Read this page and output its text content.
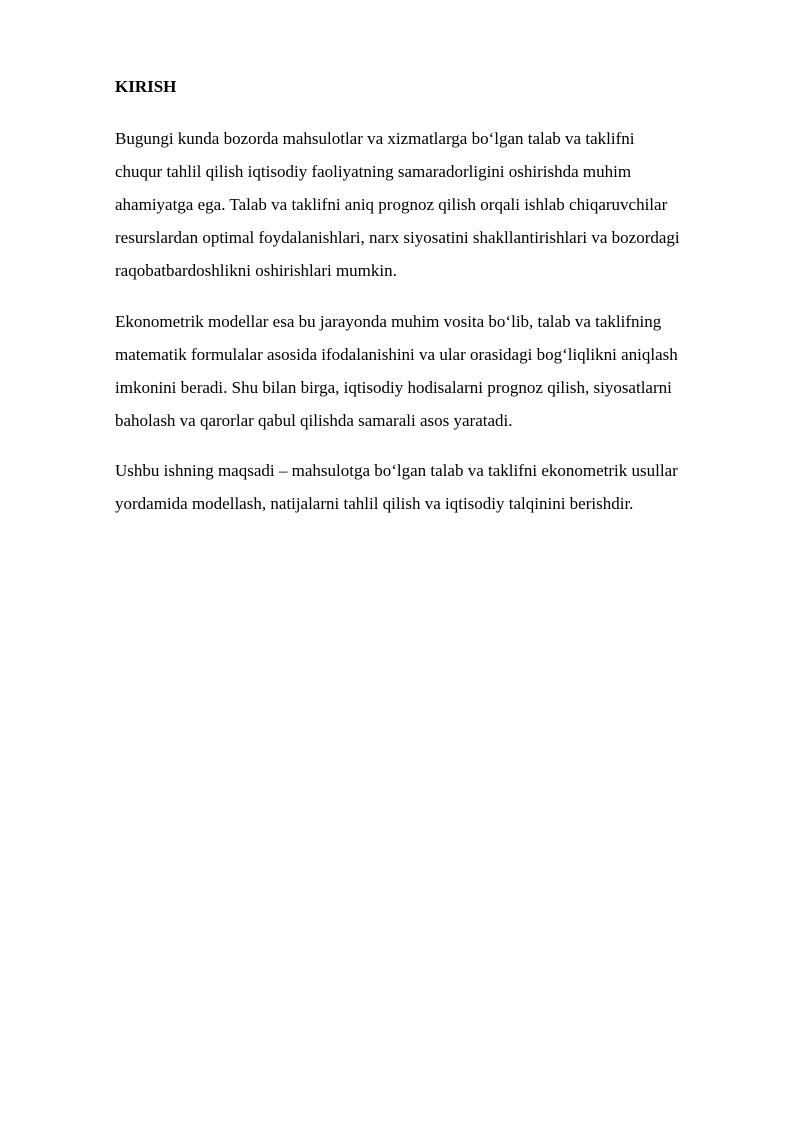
KIRISH

Bugungi kunda bozorda mahsulotlar va xizmatlarga bo‘lgan talab va taklifni
chuqur tahlil qilish iqtisodiy faoliyatning samaradorligini oshirishda muhim
ahamiyatga ega. Talab va taklifni aniq prognoz qilish orqali ishlab chiqaruvchilar
resurslardan optimal foydalanishlari, narx siyosatini shakllantirishlari va bozordagi
raqobatbardoshlikni oshirishlari mumkin.

Ekonometrik modellar esa bu jarayonda muhim vosita bo‘lib, talab va taklifning
matematik formulalar asosida ifodalanishini va ular orasidagi bog‘liqlikni aniqlash
imkonini beradi. Shu bilan birga, iqtisodiy hodisalarni prognoz qilish, siyosatlarni
baholash va qarorlar qabul qilishda samarali asos yaratadi.

Ushbu ishning maqsadi – mahsulotga bo‘lgan talab va taklifni ekonometrik usullar
yordamida modellash, natijalarni tahlil qilish va iqtisodiy talqinini berishdir.
